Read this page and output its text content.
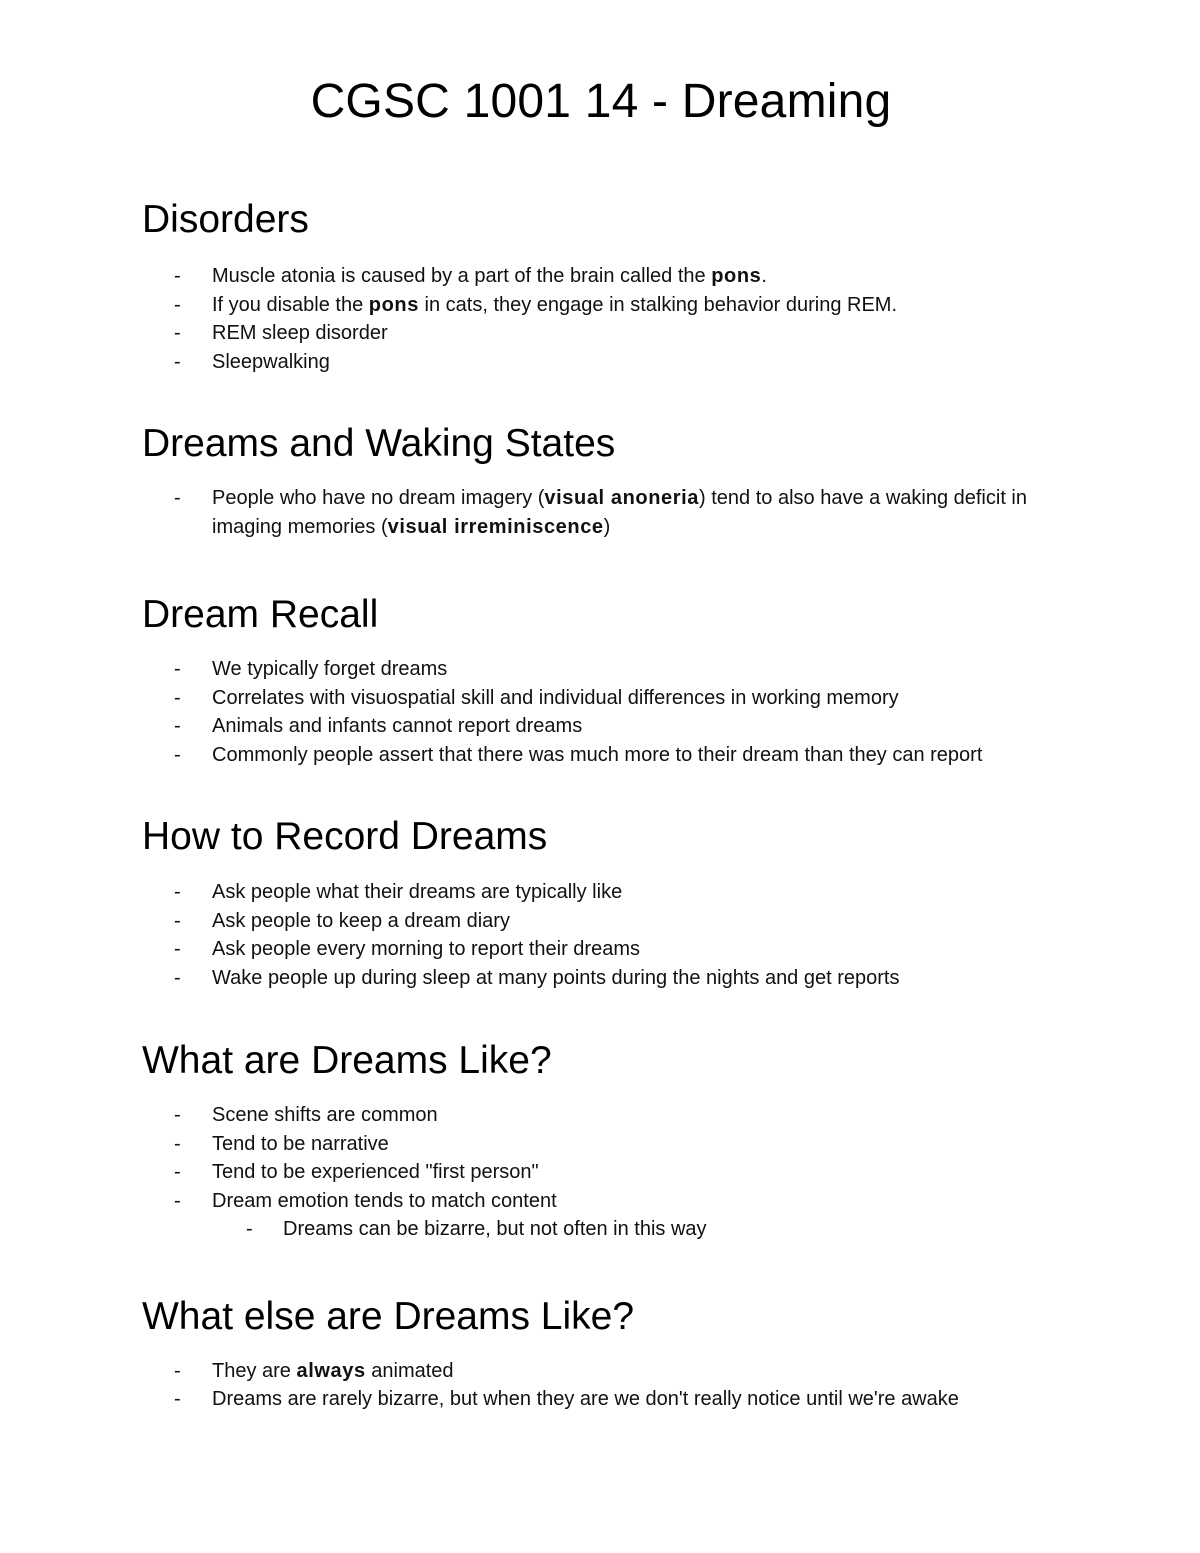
CGSC 1001 14 - Dreaming
Disorders
- Muscle atonia is caused by a part of the brain called the pons.
- If you disable the pons in cats, they engage in stalking behavior during REM.
- REM sleep disorder
- Sleepwalking
Dreams and Waking States
- People who have no dream imagery (visual anoneria) tend to also have a waking deficit in imaging memories (visual irreminiscence)
Dream Recall
- We typically forget dreams
- Correlates with visuospatial skill and individual differences in working memory
- Animals and infants cannot report dreams
- Commonly people assert that there was much more to their dream than they can report
How to Record Dreams
- Ask people what their dreams are typically like
- Ask people to keep a dream diary
- Ask people every morning to report their dreams
- Wake people up during sleep at many points during the nights and get reports
What are Dreams Like?
- Scene shifts are common
- Tend to be narrative
- Tend to be experienced "first person"
- Dream emotion tends to match content
- Dreams can be bizarre, but not often in this way
What else are Dreams Like?
- They are always animated
- Dreams are rarely bizarre, but when they are we don't really notice until we're awake
